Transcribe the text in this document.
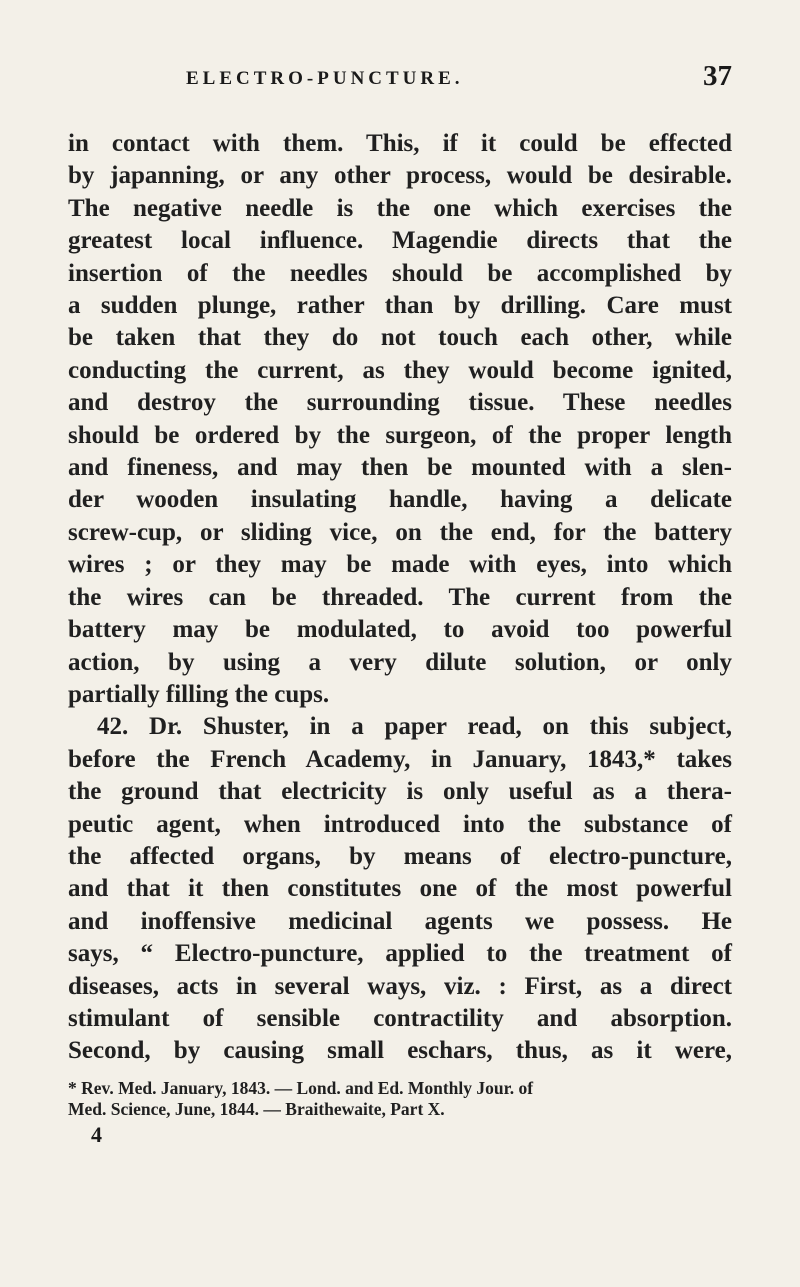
ELECTRO-PUNCTURE.	37
in contact with them. This, if it could be effected
by japanning, or any other process, would be desirable.
The negative needle is the one which exercises the
greatest local influence. Magendie directs that the
insertion of the needles should be accomplished by
a sudden plunge, rather than by drilling. Care must
be taken that they do not touch each other, while
conducting the current, as they would become ignited,
and destroy the surrounding tissue. These needles
should be ordered by the surgeon, of the proper length
and fineness, and may then be mounted with a slen-
der wooden insulating handle, having a delicate
screw-cup, or sliding vice, on the end, for the battery
wires ; or they may be made with eyes, into which
the wires can be threaded. The current from the
battery may be modulated, to avoid too powerful
action, by using a very dilute solution, or only
partially filling the cups.
42. Dr. Shuster, in a paper read, on this subject,
before the French Academy, in January, 1843,* takes
the ground that electricity is only useful as a thera-
peutic agent, when introduced into the substance of
the affected organs, by means of electro-puncture,
and that it then constitutes one of the most powerful
and inoffensive medicinal agents we possess. He
says, “ Electro-puncture, applied to the treatment of
diseases, acts in several ways, viz. : First, as a direct
stimulant of sensible contractility and absorption.
Second, by causing small eschars, thus, as it were,
* Rev. Med. January, 1843. — Lond. and Ed. Monthly Jour. of
Med. Science, June, 1844. — Braithewaite, Part X.
4
